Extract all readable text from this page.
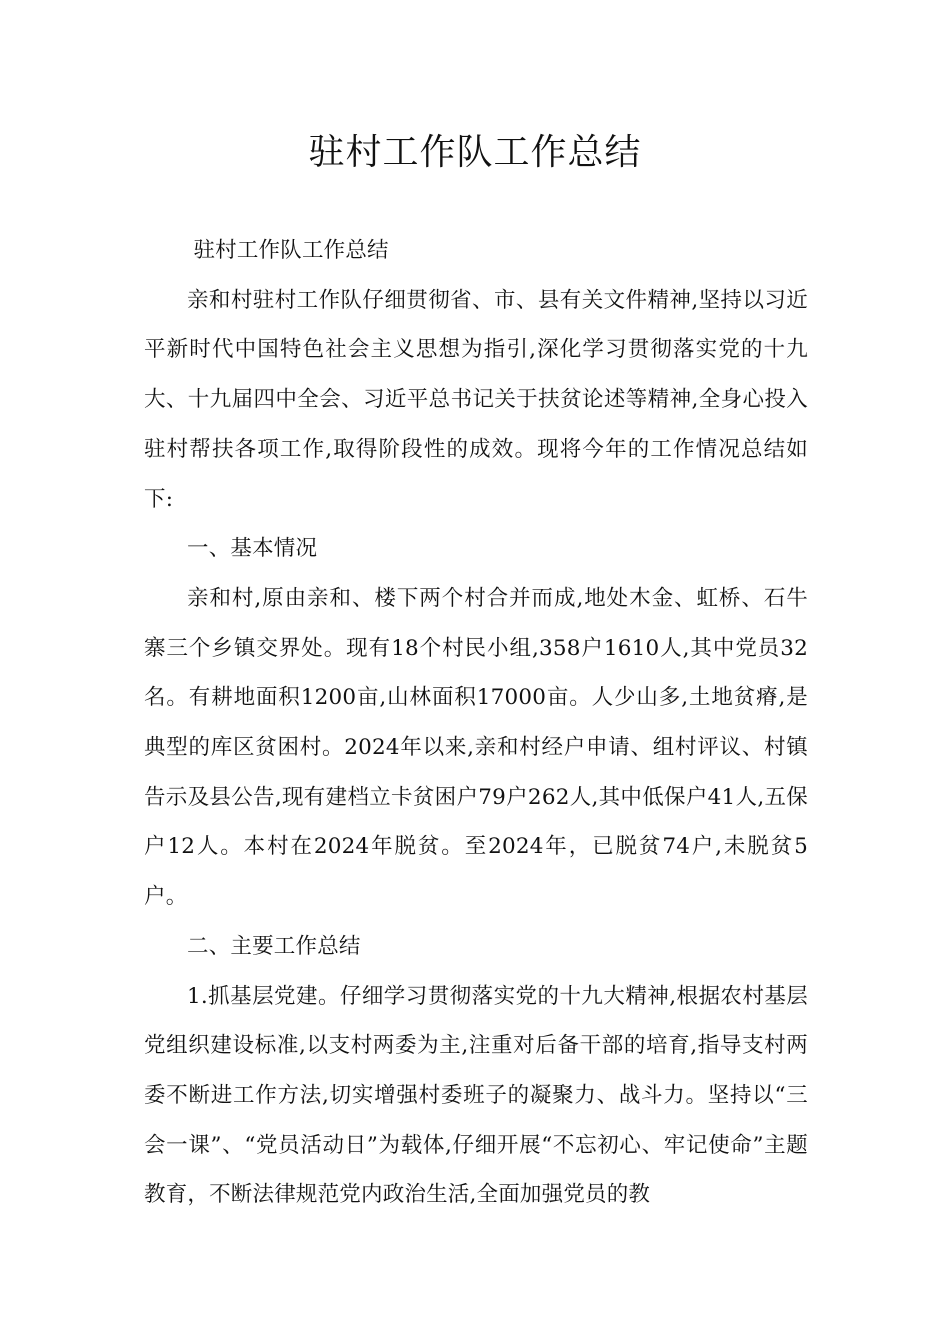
驻村工作队工作总结

驻村工作队工作总结

亲和村驻村工作队仔细贯彻省、市、县有关文件精神,坚持以习近平新时代中国特色社会主义思想为指引,深化学习贯彻落实党的十九大、十九届四中全会、习近平总书记关于扶贫论述等精神,全身心投入驻村帮扶各项工作,取得阶段性的成效。现将今年的工作情况总结如下:

一、基本情况

亲和村,原由亲和、楼下两个村合并而成,地处木金、虹桥、石牛寨三个乡镇交界处。现有18个村民小组,358户1610人,其中党员32名。有耕地面积1200亩,山林面积17000亩。人少山多,土地贫瘠,是典型的库区贫困村。2024年以来,亲和村经户申请、组村评议、村镇告示及县公告,现有建档立卡贫困户79户262人,其中低保户41人,五保户12人。本村在2024年脱贫。至2024年，已脱贫74户,未脱贫5户。

二、主要工作总结

1.抓基层党建。仔细学习贯彻落实党的十九大精神,根据农村基层党组织建设标准,以支村两委为主,注重对后备干部的培育,指导支村两委不断进工作方法,切实增强村委班子的凝聚力、战斗力。坚持以“三会一课”、“党员活动日”为载体,仔细开展“不忘初心、牢记使命”主题教育，不断法律规范党内政治生活,全面加强党员的教
